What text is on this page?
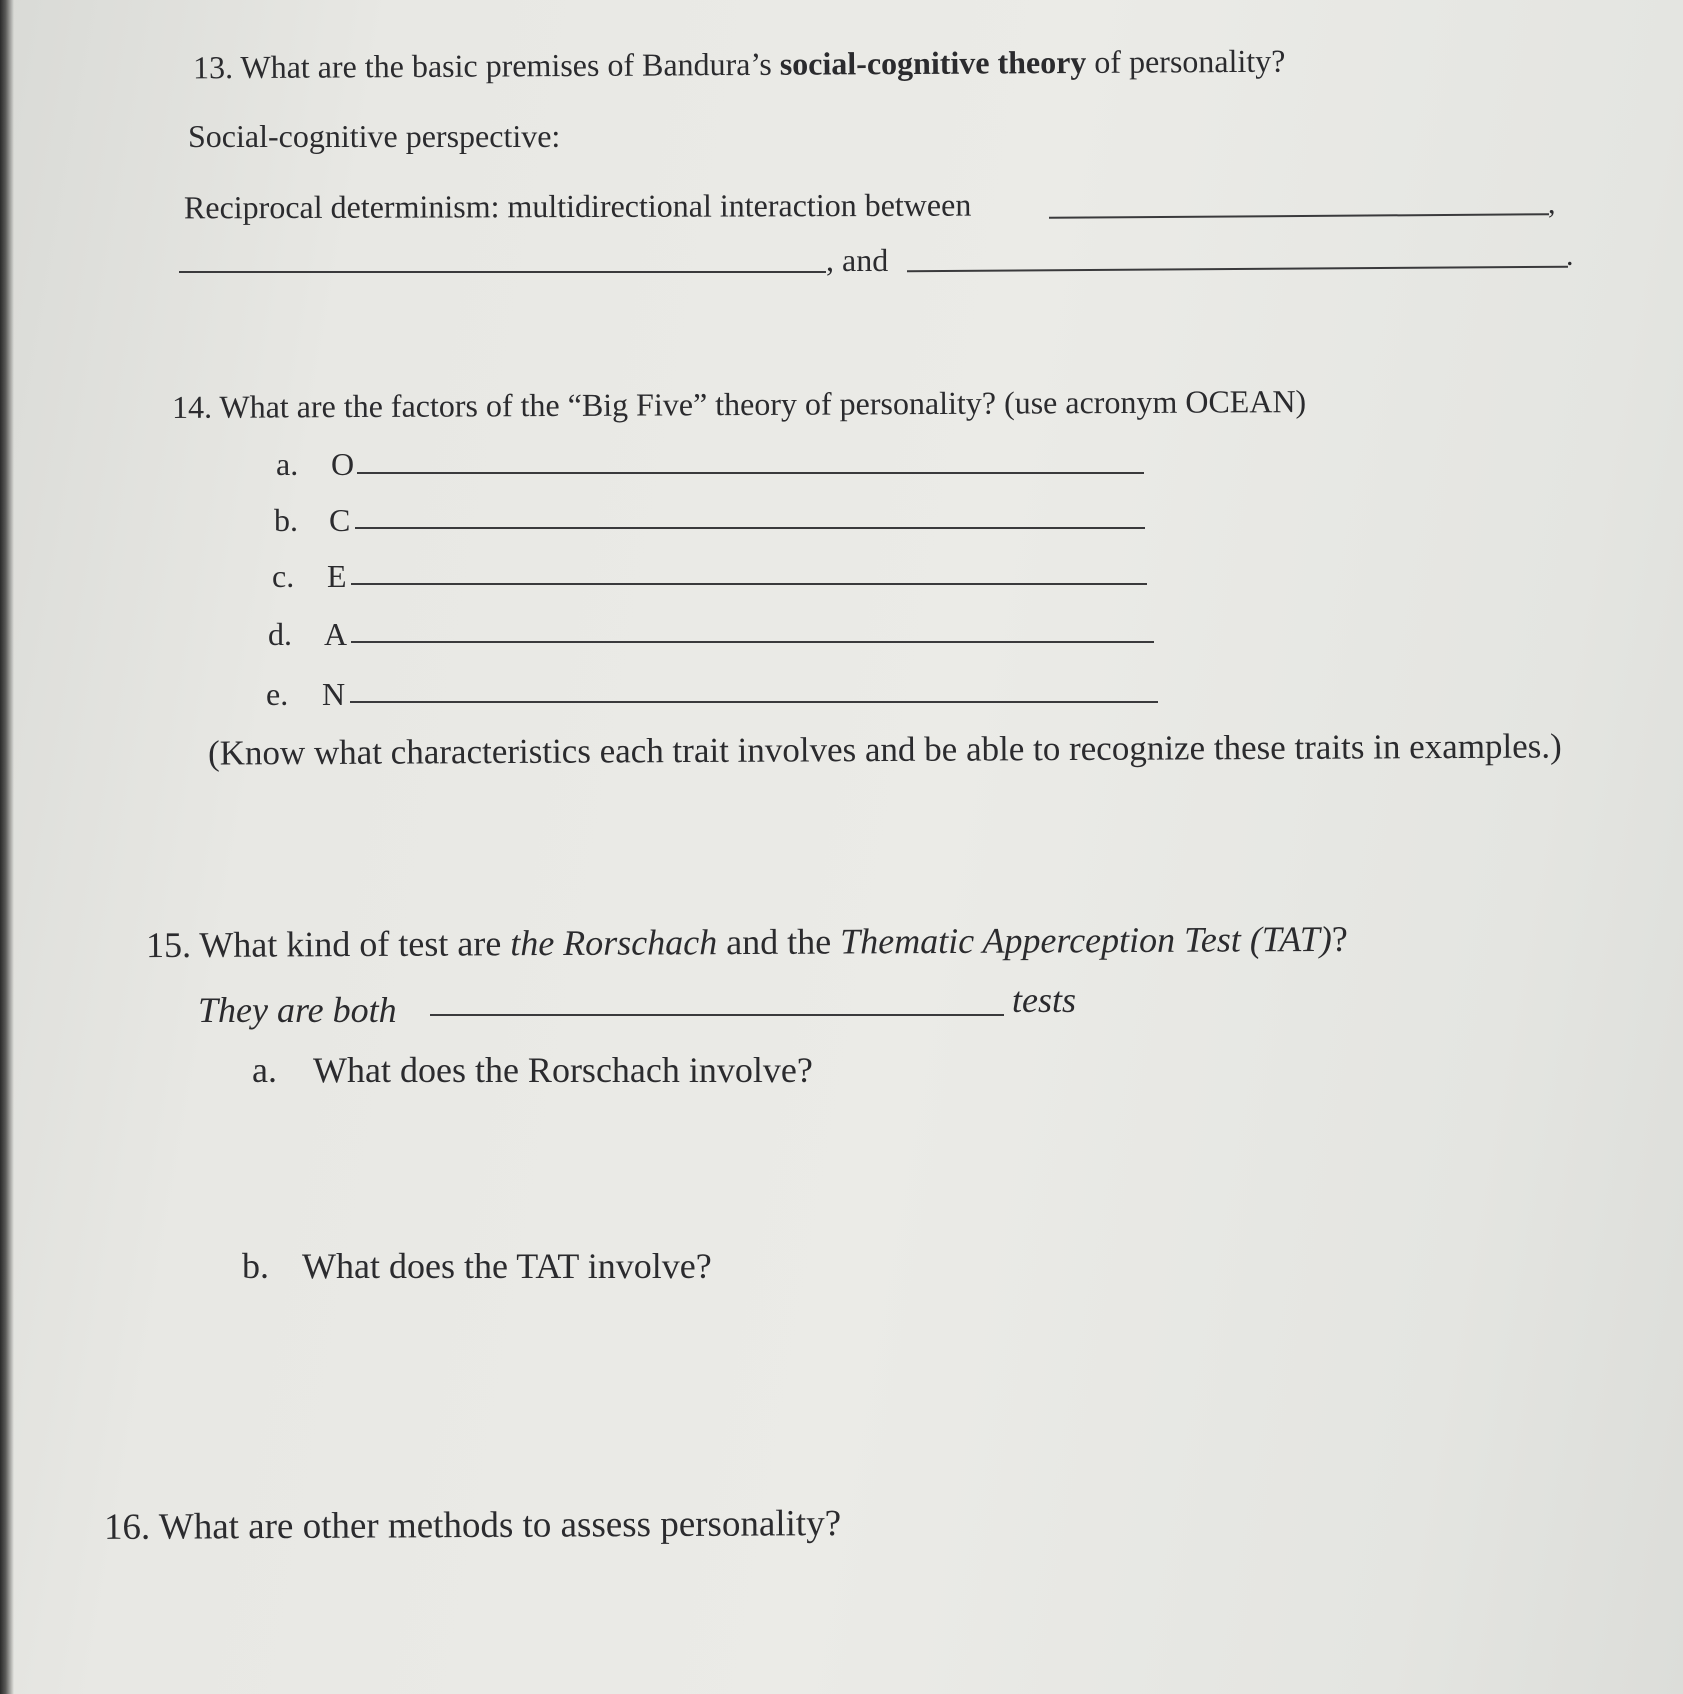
13. What are the basic premises of Bandura’s social-cognitive theory of personality?
Social-cognitive perspective:
Reciprocal determinism: multidirectional interaction between	,
, and	.
14. What are the factors of the “Big Five” theory of personality? (use acronym OCEAN)
a. O
b. C
c. E
d. A
e. N
(Know what characteristics each trait involves and be able to recognize these traits in examples.)
15. What kind of test are the Rorschach and the Thematic Apperception Test (TAT)?
They are both	tests
a. What does the Rorschach involve?
b. What does the TAT involve?
16. What are other methods to assess personality?
